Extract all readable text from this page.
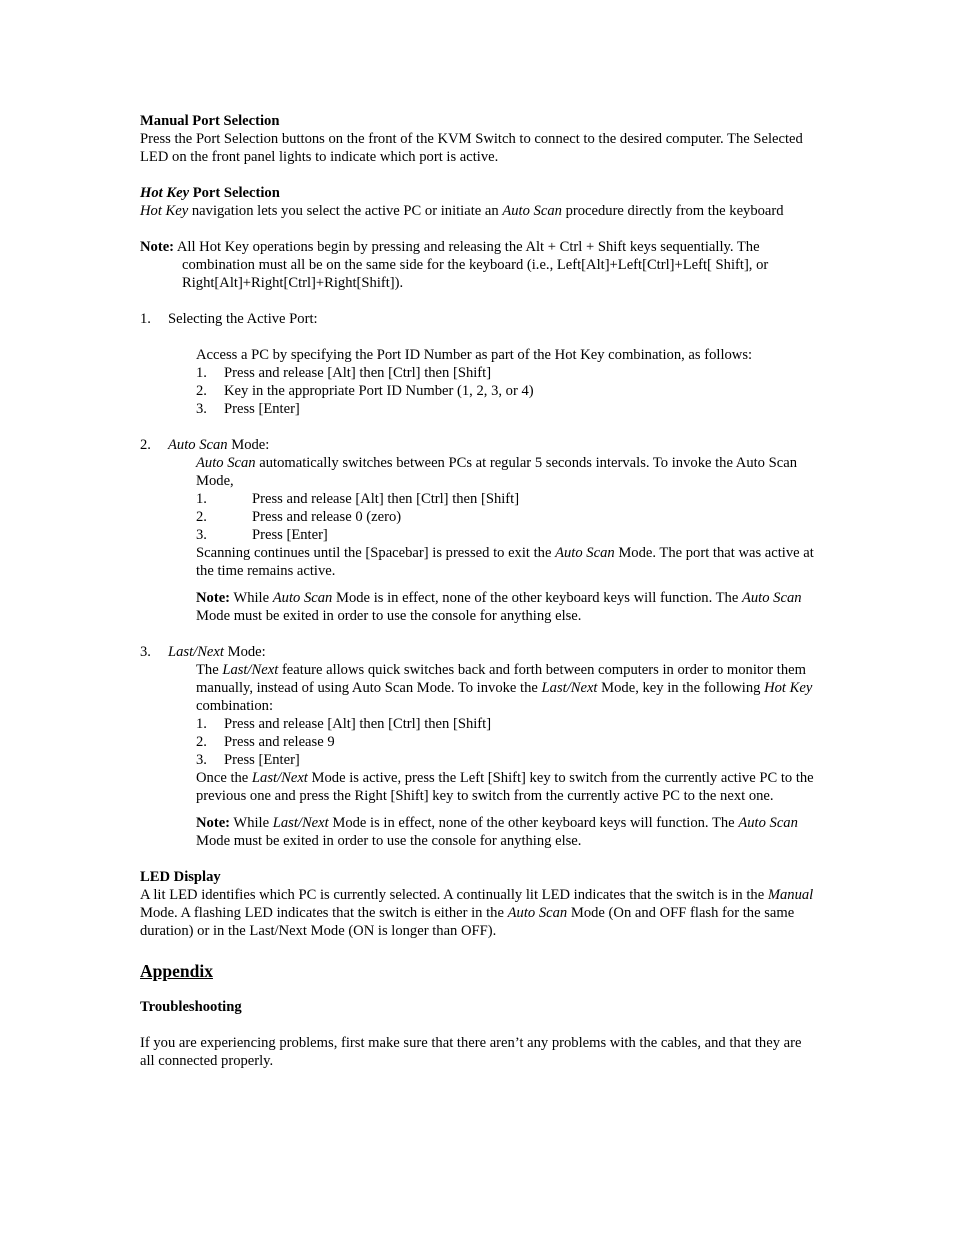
Manual Port Selection

Press the Port Selection buttons on the front of the KVM Switch to connect to the desired computer. The Selected LED on the front panel lights to indicate which port is active.

Hot Key Port Selection

Hot Key navigation lets you select the active PC or initiate an Auto Scan procedure directly from the keyboard

Note: All Hot Key operations begin by pressing and releasing the Alt + Ctrl + Shift keys sequentially. The combination must all be on the same side for the keyboard (i.e., Left[Alt]+Left[Ctrl]+Left[ Shift], or Right[Alt]+Right[Ctrl]+Right[Shift]).

1. Selecting the Active Port:

Access a PC by specifying the Port ID Number as part of the Hot Key combination, as follows:

1. Press and release [Alt] then [Ctrl] then [Shift]
2. Key in the appropriate Port ID Number (1, 2, 3, or 4)
3. Press [Enter]
2. Auto Scan Mode:

Auto Scan automatically switches between PCs at regular 5 seconds intervals. To invoke the Auto Scan Mode,

1.	Press and release [Alt] then [Ctrl] then [Shift]
2.	Press and release 0 (zero)
3.	Press [Enter]

Scanning continues until the [Spacebar] is pressed to exit the Auto Scan Mode. The port that was active at the time remains active.

Note: While Auto Scan Mode is in effect, none of the other keyboard keys will function. The Auto Scan Mode must be exited in order to use the console for anything else.

3. Last/Next Mode:

The Last/Next feature allows quick switches back and forth between computers in order to monitor them manually, instead of using Auto Scan Mode. To invoke the Last/Next Mode, key in the following Hot Key combination:

1. Press and release [Alt] then [Ctrl] then [Shift]
2. Press and release 9
3. Press [Enter]

Once the Last/Next Mode is active, press the Left [Shift] key to switch from the currently active PC to the previous one and press the Right [Shift] key to switch from the currently active PC to the next one.

Note: While Last/Next Mode is in effect, none of the other keyboard keys will function. The Auto Scan Mode must be exited in order to use the console for anything else.

LED Display

A lit LED identifies which PC is currently selected. A continually lit LED indicates that the switch is in the Manual Mode. A flashing LED indicates that the switch is either in the Auto Scan Mode (On and OFF flash for the same duration) or in the Last/Next Mode (ON is longer than OFF).

Appendix

Troubleshooting

If you are experiencing problems, first make sure that there aren’t any problems with the cables, and that they are all connected properly.
